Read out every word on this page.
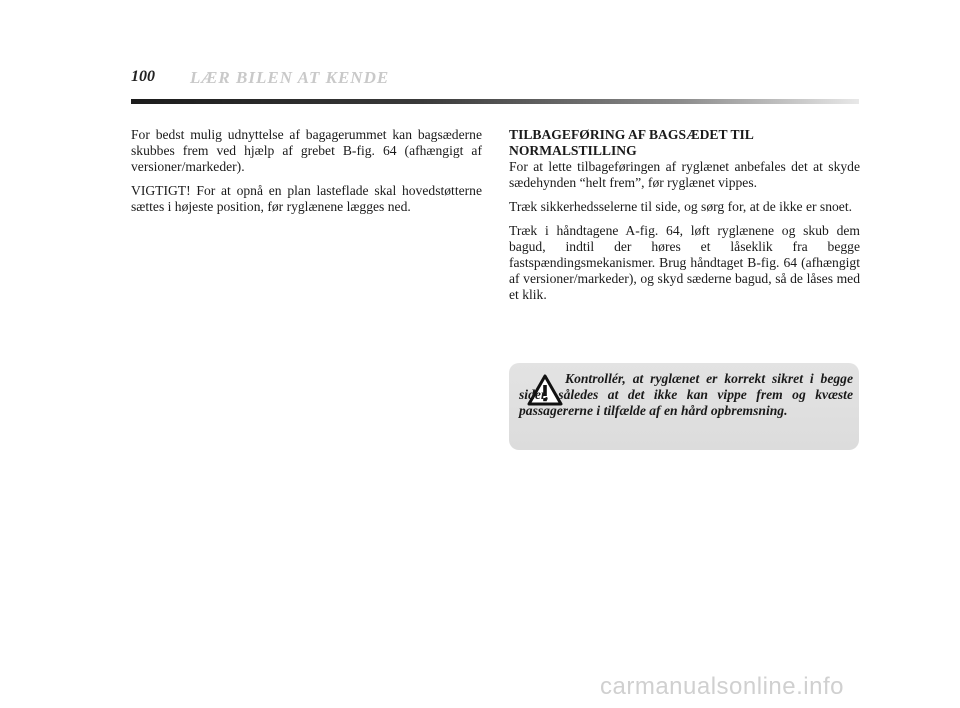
100 LÆR BILEN AT KENDE

For bedst mulig udnyttelse af bagagerummet kan bagsæderne skubbes frem ved hjælp af grebet B-fig. 64 (afhængigt af versioner/markeder).

VIGTIGT! For at opnå en plan lasteflade skal hovedstøtterne sættes i højeste position, før ryglænene lægges ned.

TILBAGEFØRING AF BAGSÆDET TIL
NORMALSTILLING

For at lette tilbageføringen af ryglænet anbefales det at skyde sædehynden “helt frem”, før ryglænet vippes.

Træk sikkerhedsselerne til side, og sørg for, at de ikke er snoet.

Træk i håndtagene A-fig. 64, løft ryglænene og skub dem bagud, indtil der høres et låseklik fra begge fastspændingsmekanismer. Brug håndtaget B-fig. 64 (afhængigt af versioner/markeder), og skyd sæderne bagud, så de låses med et klik.

Kontrollér, at ryglænet er korrekt sikret i begge sider, således at det ikke kan vippe frem og kvæste passagererne i tilfælde af en hård opbremsning.

carmanualsonline.info
